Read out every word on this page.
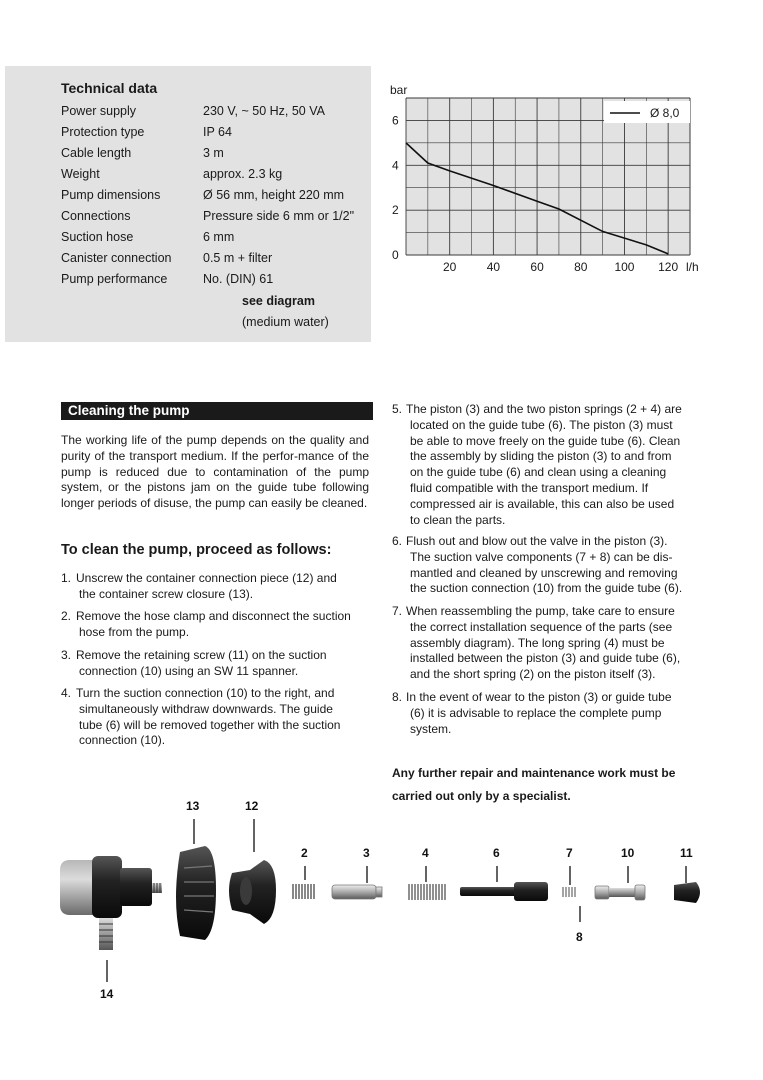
Technical data
Power supply	230 V, ~ 50 Hz, 50 VA
Protection type	IP 64
Cable length	3 m
Weight	approx. 2.3 kg
Pump dimensions	Ø 56 mm, height 220 mm
Connections	Pressure side 6 mm or 1/2"
Suction hose	6 mm
Canister connection	0.5 m + filter
Pump performance	No. (DIN) 61
see diagram
(medium water)
20	40	60	80 100 120
0
2
4
6
bar
l/h
Ø 8,0
Cleaning the pump
The working life of the pump depends on the quality and purity of the transport medium. If the perfor-mance of the pump is reduced due to contamination of the pump system, or the pistons jam on the guide tube following longer periods of disuse, the pump can easily be cleaned.
To clean the pump, proceed as follows:
1. Unscrew the container connection piece (12) and
the container screw closure (13).
2. Remove the hose clamp and disconnect the suction
hose from the pump.
3. Remove the retaining screw (11) on the suction
connection (10) using an SW 11 spanner.
4. Turn the suction connection (10) to the right, and
simultaneously withdraw downwards. The guide
tube (6) will be removed together with the suction
connection (10).
5. The piston (3) and the two piston springs (2 + 4) are
located on the guide tube (6). The piston (3) must
be able to move freely on the guide tube (6). Clean
the assembly by sliding the piston (3) to and from
on the guide tube (6) and clean using a cleaning
fluid compatible with the transport medium. If
compressed air is available, this can also be used
to clean the parts.
6. Flush out and blow out the valve in the piston (3).
The suction valve components (7 + 8) can be dis-
mantled and cleaned by unscrewing and removing
the suction connection (10) from the guide tube (6).
7. When reassembling the pump, take care to ensure
the correct installation sequence of the parts (see
assembly diagram). The long spring (4) must be
installed between the piston (3) and guide tube (6),
and the short spring (2) on the piston itself (3).
8. In the event of wear to the piston (3) or guide tube
(6) it is advisable to replace the complete pump
system.
Any further repair and maintenance work must be
carried out only by a specialist.
13	12
2	3	4	6	7	10	11
8
14
